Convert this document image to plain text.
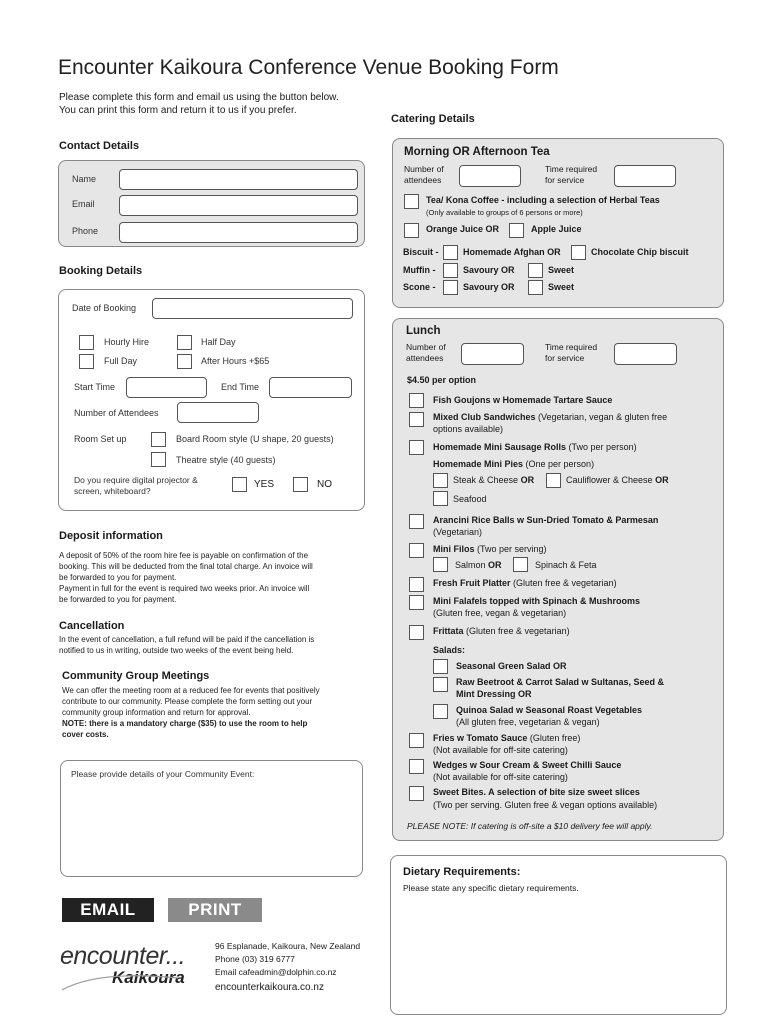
Encounter Kaikoura Conference Venue Booking Form
Please complete this form and email us using the button below.
You can print this form and return it to us if you prefer.
Contact Details
Name
Email
Phone
Booking Details
Date of Booking
Hourly Hire	Half Day
Full Day	After Hours +$65
Start Time	End Time
Number of Attendees
Room Set up	Board Room style (U shape, 20 guests)
Theatre style (40 guests)
Do you require digital projector &
screen, whiteboard?
YES	NO
Deposit information
A deposit of 50% of the room hire fee is payable on confirmation of the
booking. This will be deducted from the final total charge. An invoice will
be forwarded to you for payment.
Payment in full for the event is required two weeks prior. An invoice will
be forwarded to you for payment.
Cancellation
In the event of cancellation, a full refund will be paid if the cancellation is
notified to us in writing, outside two weeks of the event being held.
Community Group Meetings
We can offer the meeting room at a reduced fee for events that positively
contribute to our community. Please complete the form setting out your
community group information and return for approval.
NOTE: there is a mandatory charge ($35) to use the room to help
cover costs.
Please provide details of your Community Event:
EMAIL	PRINT
encounter...
Kaikoura
96 Esplanade, Kaikoura, New Zealand
Phone (03) 319 6777
Email cafeadmin@dolphin.co.nz
encounterkaikoura.co.nz
Catering Details
Morning OR Afternoon Tea
Number of
attendees
Time required
for service
Tea/ Kona Coffee - including a selection of Herbal Teas
(Only available to groups of 6 persons or more)
Orange Juice OR	Apple Juice
Biscuit -	Homemade Afghan OR	Chocolate Chip biscuit
Muffin -	Savoury OR	Sweet
Scone -	Savoury OR	Sweet
Lunch
Number of
attendees
Time required
for service
$4.50 per option
Fish Goujons w Homemade Tartare Sauce
Mixed Club Sandwiches (Vegetarian, vegan & gluten free
options available)
Homemade Mini Sausage Rolls (Two per person)
Homemade Mini Pies (One per person)
Steak & Cheese OR	Cauliflower & Cheese OR
Seafood
Arancini Rice Balls w Sun-Dried Tomato & Parmesan
(Vegetarian)
Mini Filos (Two per serving)
Salmon OR	Spinach & Feta
Fresh Fruit Platter (Gluten free & vegetarian)
Mini Falafels topped with Spinach & Mushrooms
(Gluten free, vegan & vegetarian)
Frittata (Gluten free & vegetarian)
Salads:
Seasonal Green Salad OR
Raw Beetroot & Carrot Salad w Sultanas, Seed &
Mint Dressing OR
Quinoa Salad w Seasonal Roast Vegetables
(All gluten free, vegetarian & vegan)
Fries w Tomato Sauce (Gluten free)
(Not available for off-site catering)
Wedges w Sour Cream & Sweet Chilli Sauce
(Not available for off-site catering)
Sweet Bites. A selection of bite size sweet slices
(Two per serving. Gluten free & vegan options available)
PLEASE NOTE: If catering is off-site a $10 delivery fee will apply.
Dietary Requirements:
Please state any specific dietary requirements.
